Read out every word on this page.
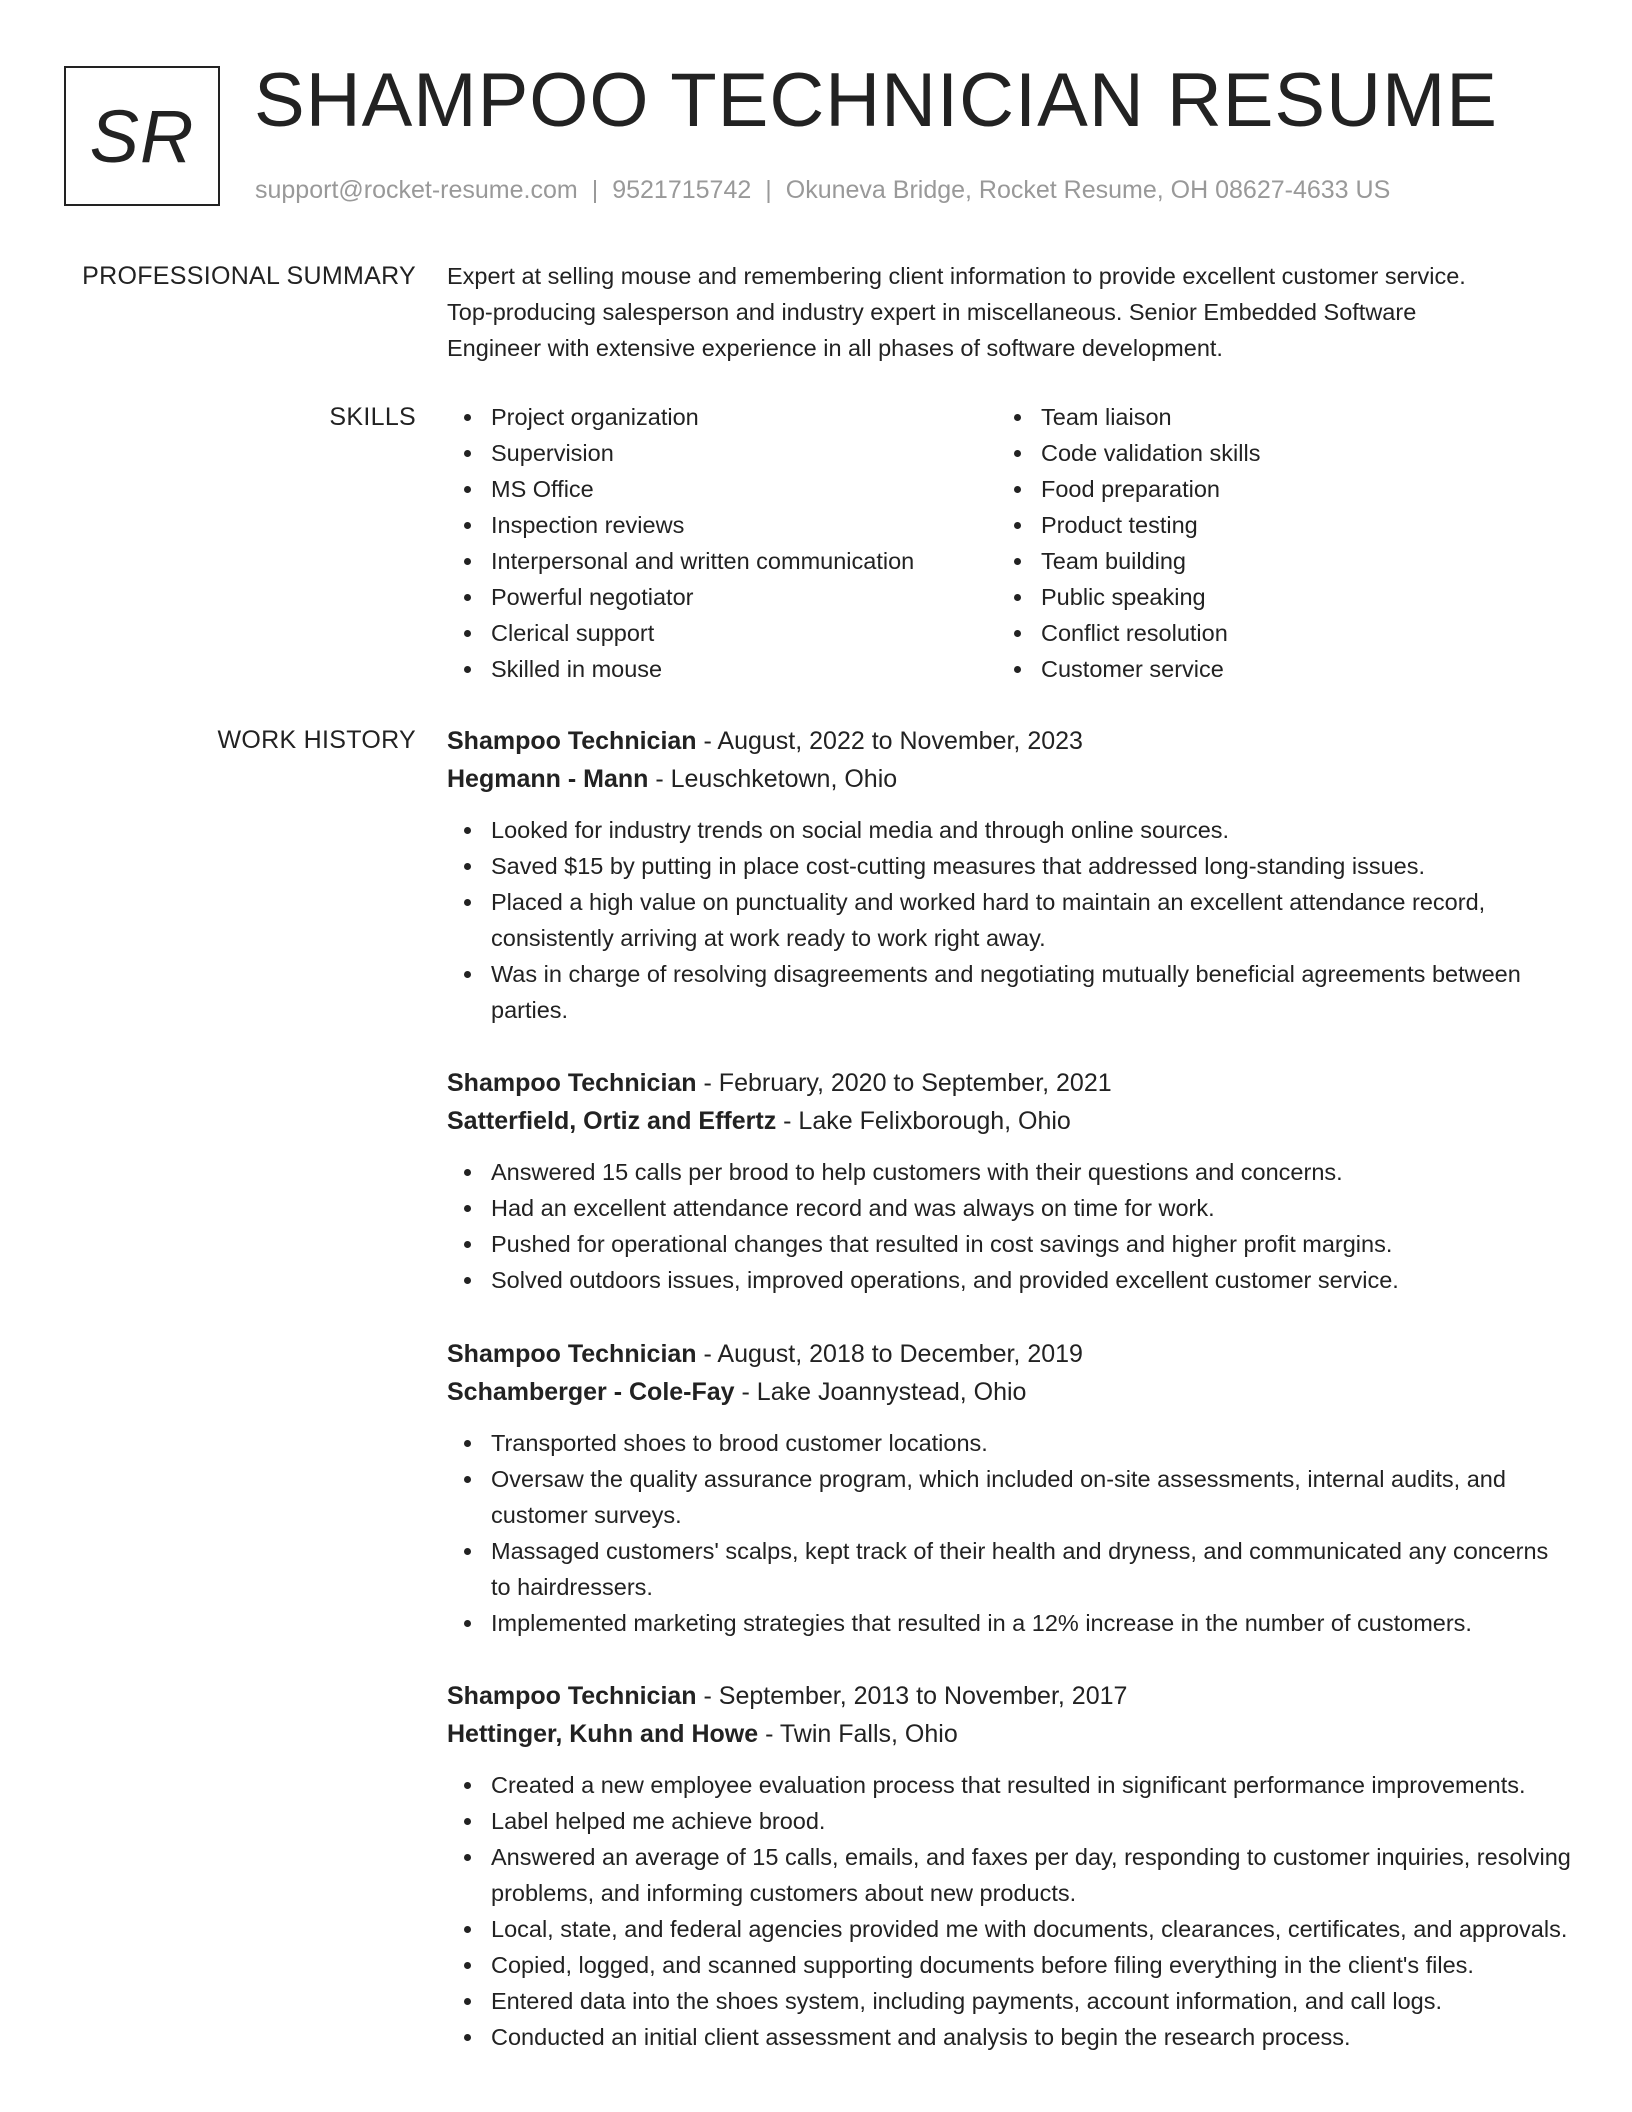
SR SHAMPOO TECHNICIAN RESUME
support@rocket-resume.com | 9521715742 | Okuneva Bridge, Rocket Resume, OH 08627-4633 US
PROFESSIONAL SUMMARY Expert at selling mouse and remembering client information to provide excellent customer service.
Top-producing salesperson and industry expert in miscellaneous. Senior Embedded Software
Engineer with extensive experience in all phases of software development.
SKILLS	Project organization
Supervision
MS Office
Inspection reviews
Interpersonal and written communication
Powerful negotiator
Clerical support
Skilled in mouse
Team liaison
Code validation skills
Food preparation
Product testing
Team building
Public speaking
Conflict resolution
Customer service
WORK HISTORY Shampoo Technician - August, 2022 to November, 2023
Hegmann - Mann - Leuschketown, Ohio
Looked for industry trends on social media and through online sources.
Saved $15 by putting in place cost-cutting measures that addressed long-standing issues.
Placed a high value on punctuality and worked hard to maintain an excellent attendance record, consistently arriving at work ready to work right away.
Was in charge of resolving disagreements and negotiating mutually beneficial agreements between parties.
Shampoo Technician - February, 2020 to September, 2021
Satterfield, Ortiz and Effertz - Lake Felixborough, Ohio
Answered 15 calls per brood to help customers with their questions and concerns.
Had an excellent attendance record and was always on time for work.
Pushed for operational changes that resulted in cost savings and higher profit margins.
Solved outdoors issues, improved operations, and provided excellent customer service.
Shampoo Technician - August, 2018 to December, 2019
Schamberger - Cole-Fay - Lake Joannystead, Ohio
Transported shoes to brood customer locations.
Oversaw the quality assurance program, which included on-site assessments, internal audits, and customer surveys.
Massaged customers' scalps, kept track of their health and dryness, and communicated any concerns to hairdressers.
Implemented marketing strategies that resulted in a 12% increase in the number of customers.
Shampoo Technician - September, 2013 to November, 2017
Hettinger, Kuhn and Howe - Twin Falls, Ohio
Created a new employee evaluation process that resulted in significant performance improvements.
Label helped me achieve brood.
Answered an average of 15 calls, emails, and faxes per day, responding to customer inquiries, resolving problems, and informing customers about new products.
Local, state, and federal agencies provided me with documents, clearances, certificates, and approvals.
Copied, logged, and scanned supporting documents before filing everything in the client's files.
Entered data into the shoes system, including payments, account information, and call logs.
Conducted an initial client assessment and analysis to begin the research process.
